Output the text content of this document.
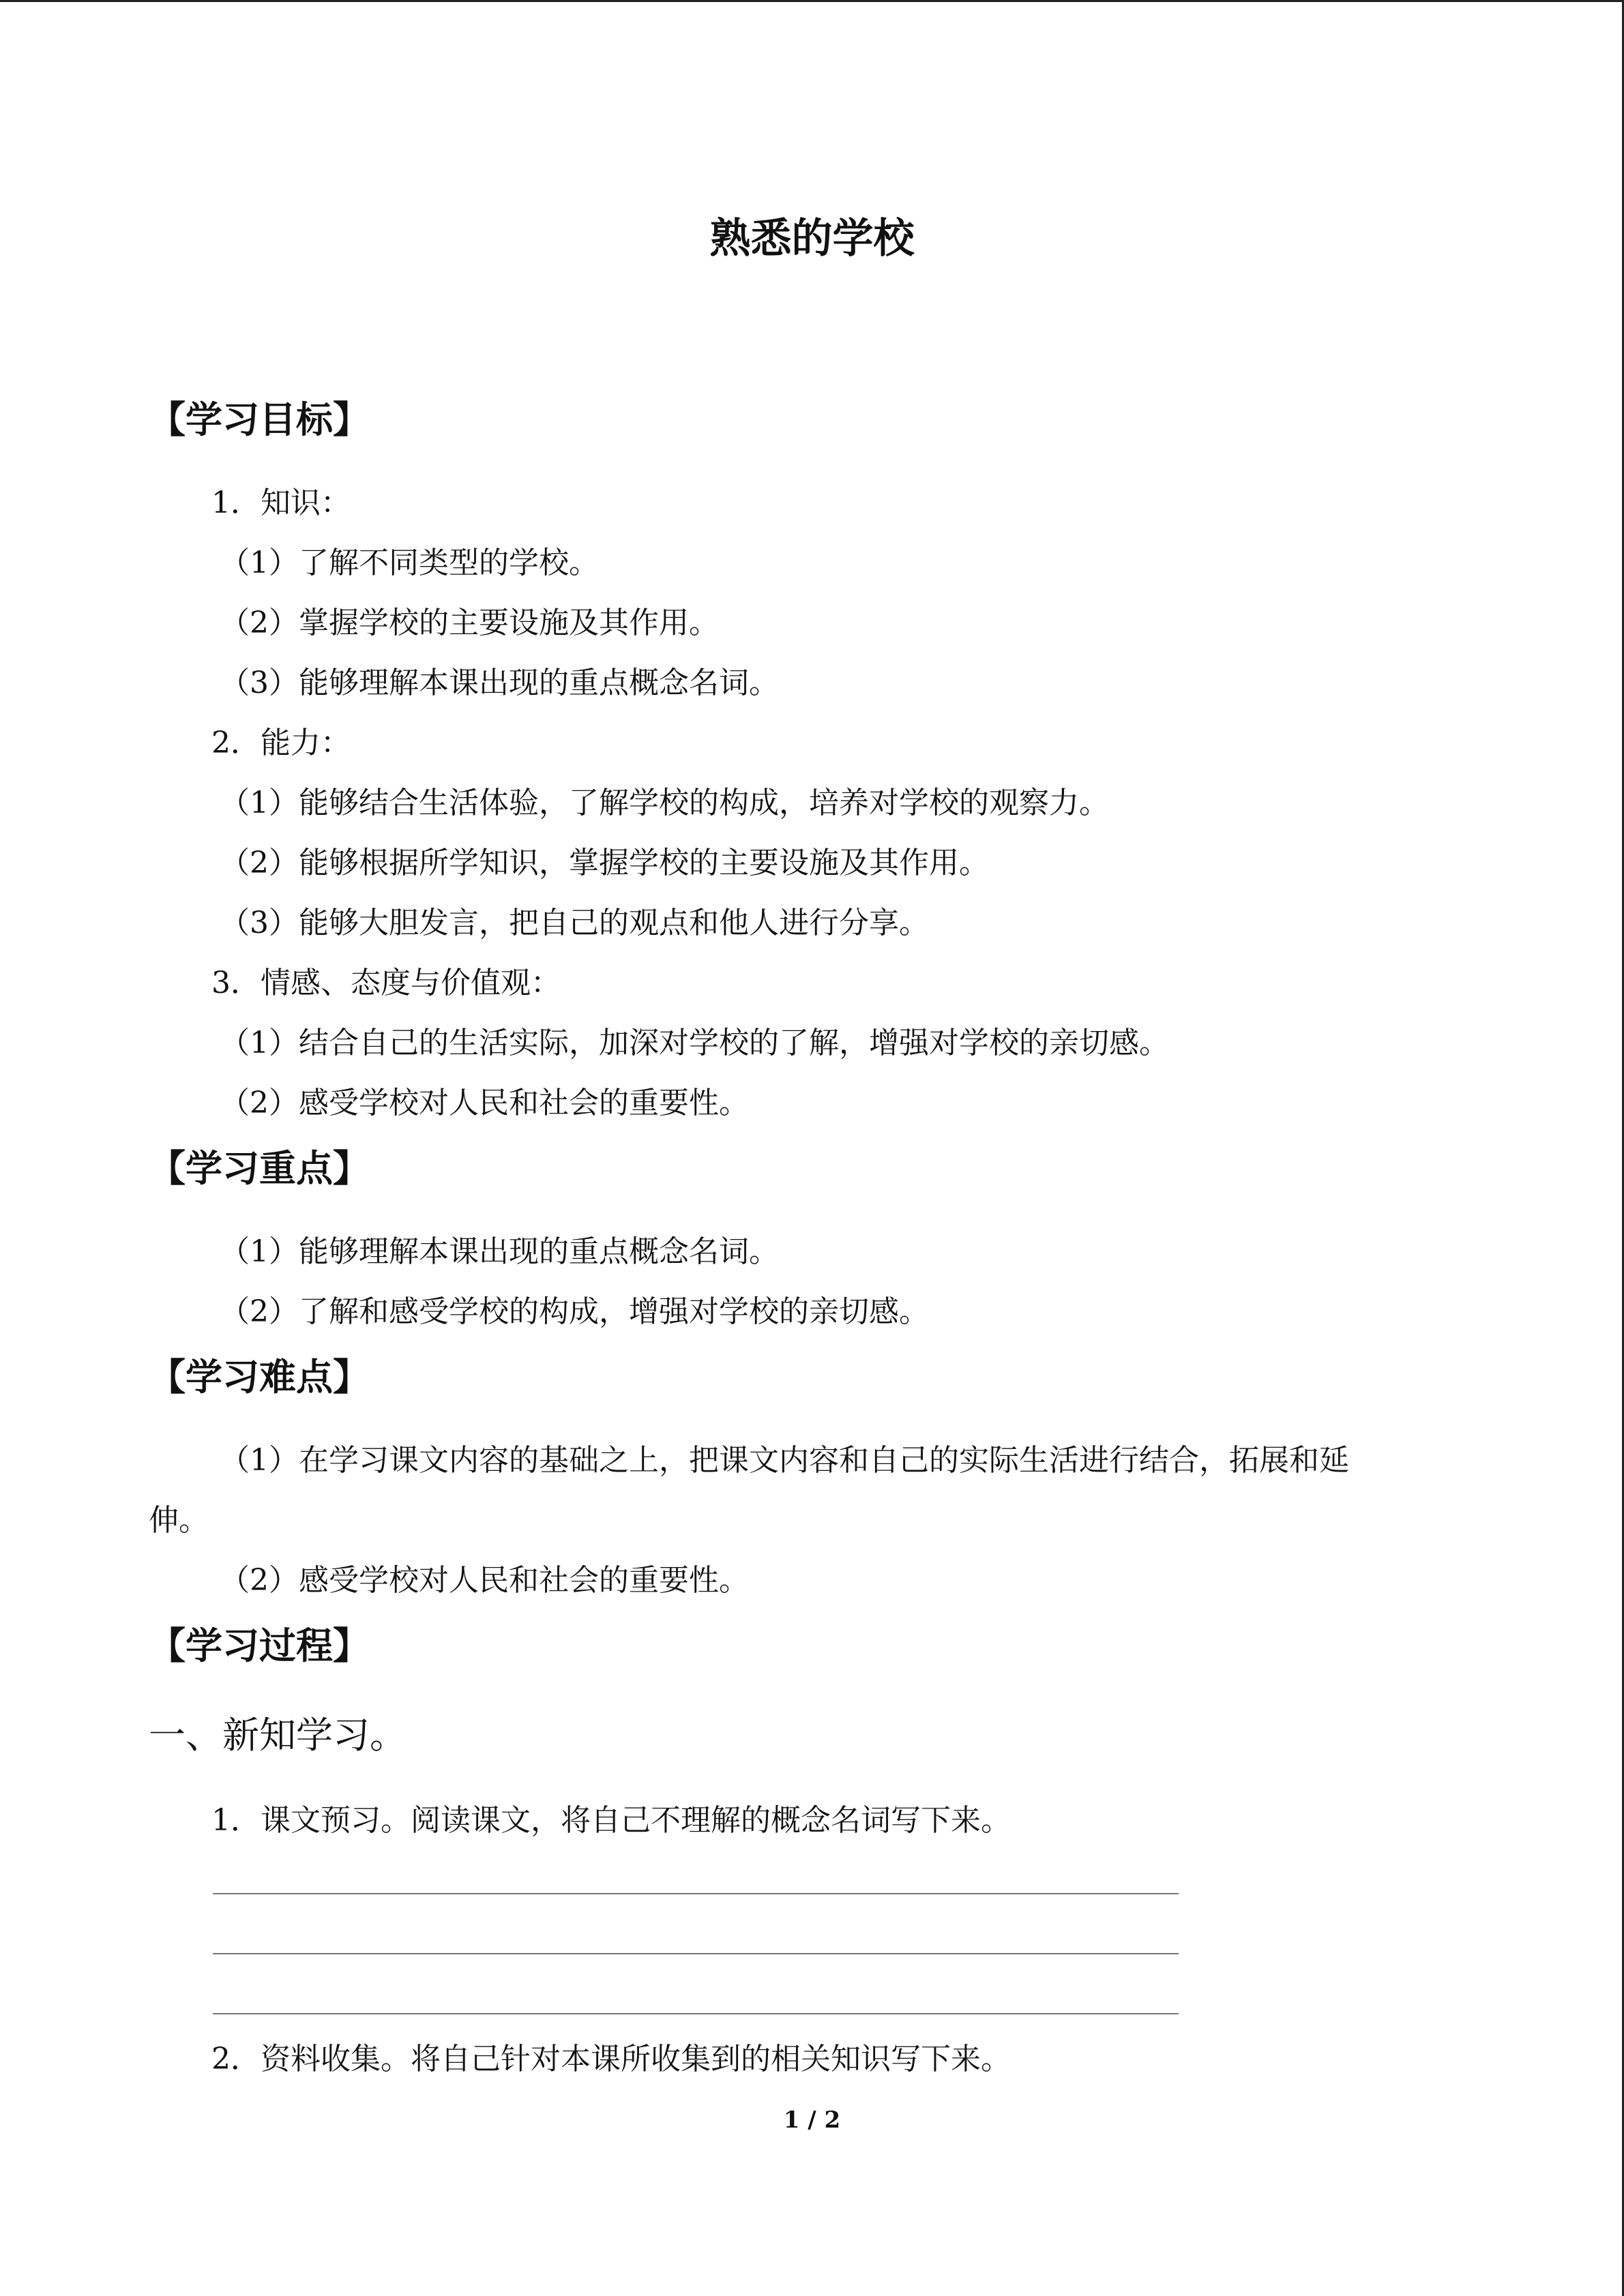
熟悉的学校
【学习目标】
1．知识：
（1）了解不同类型的学校。
（2）掌握学校的主要设施及其作用。
（3）能够理解本课出现的重点概念名词。
2．能力：
（1）能够结合生活体验，了解学校的构成，培养对学校的观察力。
（2）能够根据所学知识，掌握学校的主要设施及其作用。
（3）能够大胆发言，把自己的观点和他人进行分享。
3．情感、态度与价值观：
（1）结合自己的生活实际，加深对学校的了解，增强对学校的亲切感。
（2）感受学校对人民和社会的重要性。
【学习重点】
（1）能够理解本课出现的重点概念名词。
（2）了解和感受学校的构成，增强对学校的亲切感。
【学习难点】
（1）在学习课文内容的基础之上，把课文内容和自己的实际生活进行结合，拓展和延
伸。
（2）感受学校对人民和社会的重要性。
【学习过程】
一、新知学习。
1．课文预习。阅读课文，将自己不理解的概念名词写下来。
2．资料收集。将自己针对本课所收集到的相关知识写下来。
1 / 2
